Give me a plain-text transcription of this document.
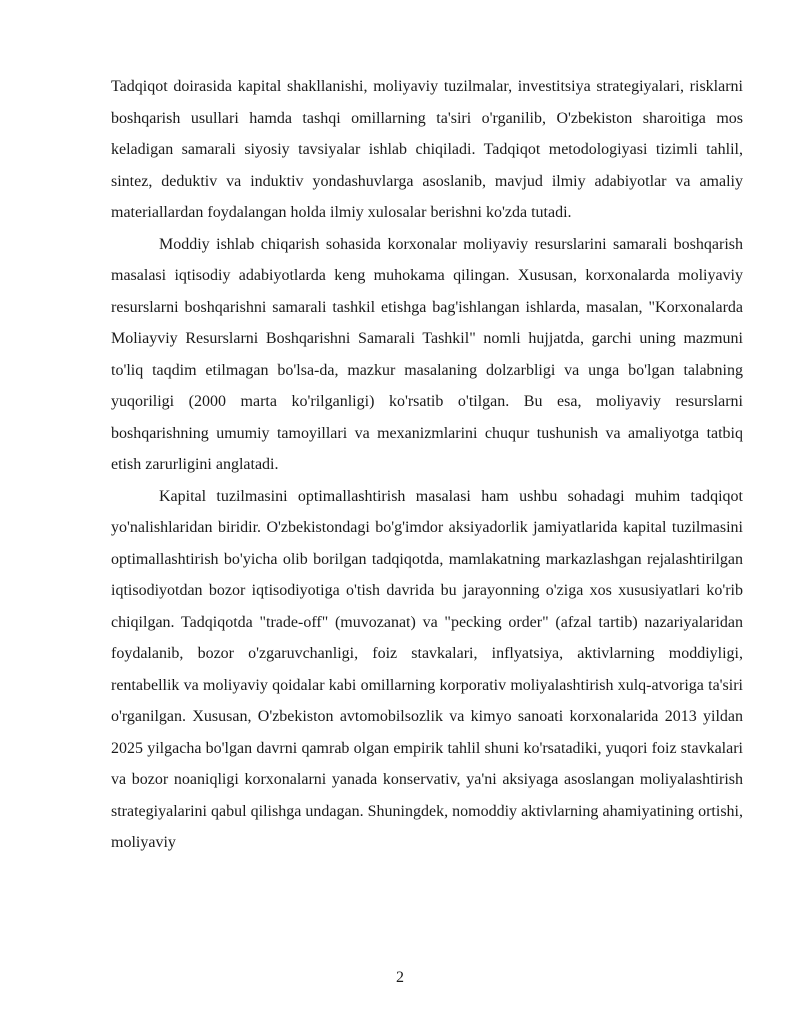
Tadqiqot doirasida kapital shakllanishi, moliyaviy tuzilmalar, investitsiya strategiyalari, risklarni boshqarish usullari hamda tashqi omillarning ta'siri o'rganilib, O'zbekiston sharoitiga mos keladigan samarali siyosiy tavsiyalar ishlab chiqiladi. Tadqiqot metodologiyasi tizimli tahlil, sintez, deduktiv va induktiv yondashuvlarga asoslanib, mavjud ilmiy adabiyotlar va amaliy materiallardan foydalangan holda ilmiy xulosalar berishni ko'zda tutadi.

Moddiy ishlab chiqarish sohasida korxonalar moliyaviy resurslarini samarali boshqarish masalasi iqtisodiy adabiyotlarda keng muhokama qilingan. Xususan, korxonalarda moliyaviy resurslarni boshqarishni samarali tashkil etishga bag'ishlangan ishlarda, masalan, "Korxonalarda Moliayviy Resurslarni Boshqarishni Samarali Tashkil" nomli hujjatda, garchi uning mazmuni to'liq taqdim etilmagan bo'lsa-da, mazkur masalaning dolzarbligi va unga bo'lgan talabning yuqoriligi (2000 marta ko'rilganligi) ko'rsatib o'tilgan. Bu esa, moliyaviy resurslarni boshqarishning umumiy tamoyillari va mexanizmlarini chuqur tushunish va amaliyotga tatbiq etish zarurligini anglatadi.

Kapital tuzilmasini optimallashtirish masalasi ham ushbu sohadagi muhim tadqiqot yo'nalishlaridan biridir. O'zbekistondagi bo'g'imdor aksiyadorlik jamiyatlarida kapital tuzilmasini optimallashtirish bo'yicha olib borilgan tadqiqotda, mamlakatning markazlashgan rejalashtirilgan iqtisodiyotdan bozor iqtisodiyotiga o'tish davrida bu jarayonning o'ziga xos xususiyatlari ko'rib chiqilgan. Tadqiqotda "trade-off" (muvozanat) va "pecking order" (afzal tartib) nazariyalaridan foydalanib, bozor o'zgaruvchanligi, foiz stavkalari, inflyatsiya, aktivlarning moddiyligi, rentabellik va moliyaviy qoidalar kabi omillarning korporativ moliyalashtirish xulq-atvoriga ta'siri o'rganilgan. Xususan, O'zbekiston avtomobilsozlik va kimyo sanoati korxonalarida 2013 yildan 2025 yilgacha bo'lgan davrni qamrab olgan empirik tahlil shuni ko'rsatadiki, yuqori foiz stavkalari va bozor noaniqligi korxonalarni yanada konservativ, ya'ni aksiyaga asoslangan moliyalashtirish strategiyalarini qabul qilishga undagan. Shuningdek, nomoddiy aktivlarning ahamiyatining ortishi, moliyaviy

2
